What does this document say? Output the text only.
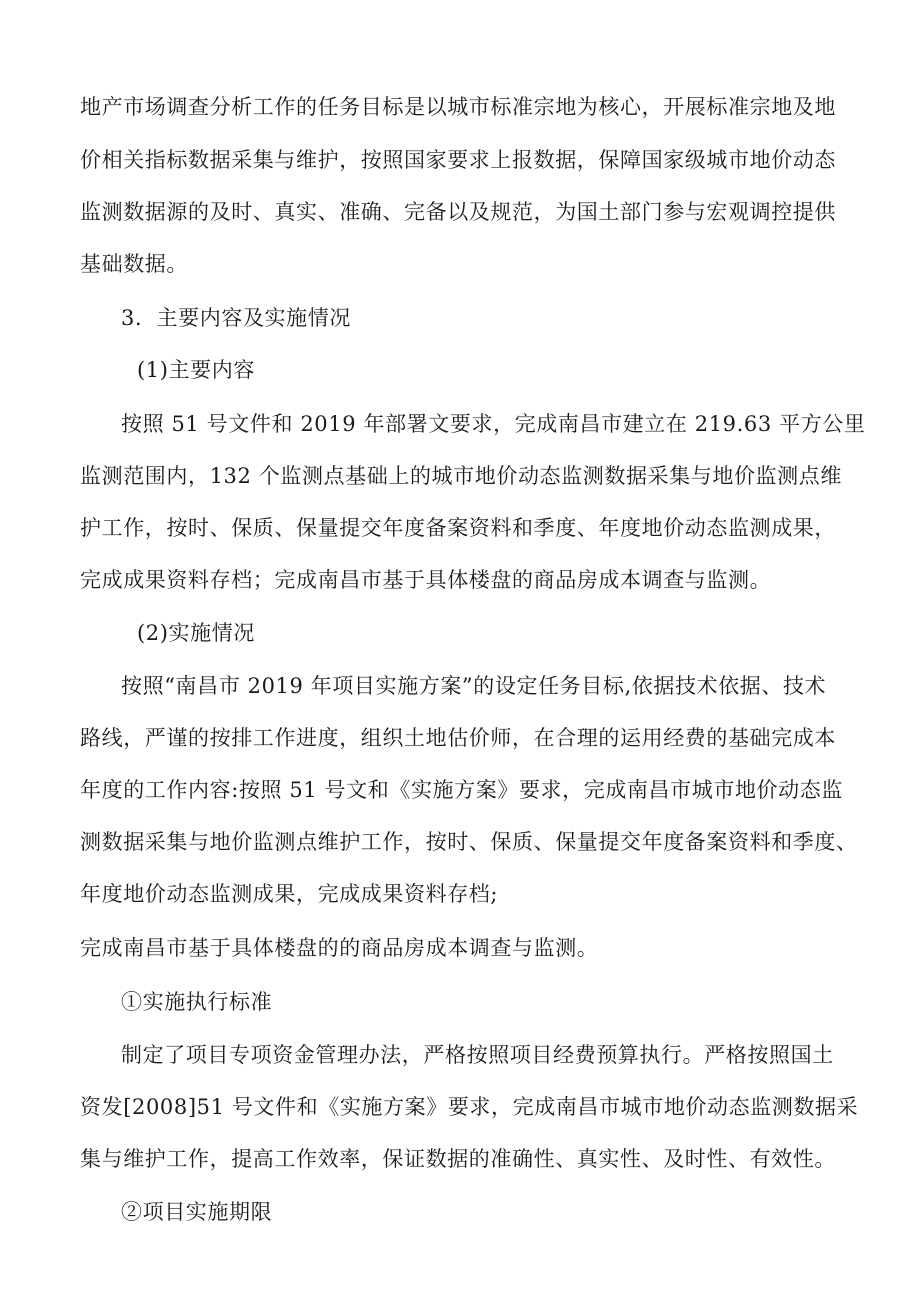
地产市场调查分析工作的任务目标是以城市标准宗地为核心，开展标准宗地及地
价相关指标数据采集与维护，按照国家要求上报数据，保障国家级城市地价动态
监测数据源的及时、真实、准确、完备以及规范，为国土部门参与宏观调控提供
基础数据。
3．主要内容及实施情况
(1)主要内容
按照 51 号文件和 2019 年部署文要求，完成南昌市建立在 219.63 平方公里
监测范围内，132 个监测点基础上的城市地价动态监测数据采集与地价监测点维
护工作，按时、保质、保量提交年度备案资料和季度、年度地价动态监测成果，
完成成果资料存档；完成南昌市基于具体楼盘的商品房成本调查与监测。
(2)实施情况
按照“南昌市 2019 年项目实施方案”的设定任务目标,依据技术依据、技术
路线，严谨的按排工作进度，组织土地估价师，在合理的运用经费的基础完成本
年度的工作内容:按照 51 号文和《实施方案》要求，完成南昌市城市地价动态监
测数据采集与地价监测点维护工作，按时、保质、保量提交年度备案资料和季度、
年度地价动态监测成果，完成成果资料存档;
完成南昌市基于具体楼盘的的商品房成本调查与监测。
①实施执行标准
制定了项目专项资金管理办法，严格按照项目经费预算执行。严格按照国土
资发[2008]51 号文件和《实施方案》要求，完成南昌市城市地价动态监测数据采
集与维护工作，提高工作效率，保证数据的准确性、真实性、及时性、有效性。
②项目实施期限
